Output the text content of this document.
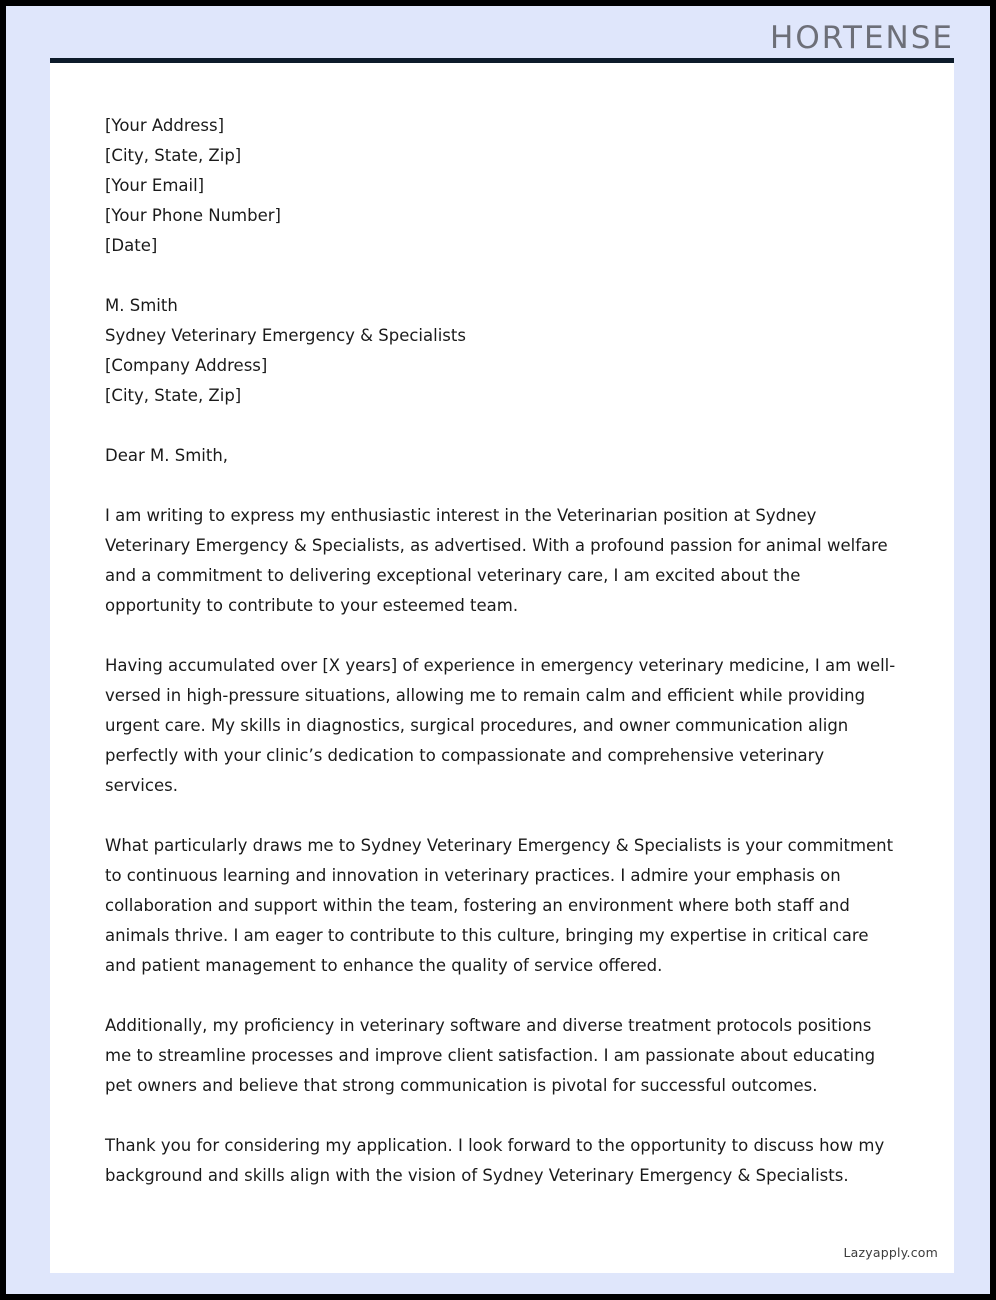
HORTENSE
[Your Address]
[City, State, Zip]
[Your Email]
[Your Phone Number]
[Date]
M. Smith
Sydney Veterinary Emergency & Specialists
[Company Address]
[City, State, Zip]
Dear M. Smith,

I am writing to express my enthusiastic interest in the Veterinarian position at Sydney Veterinary Emergency & Specialists, as advertised. With a profound passion for animal welfare and a commitment to delivering exceptional veterinary care, I am excited about the opportunity to contribute to your esteemed team.

Having accumulated over [X years] of experience in emergency veterinary medicine, I am well-versed in high-pressure situations, allowing me to remain calm and efficient while providing urgent care. My skills in diagnostics, surgical procedures, and owner communication align perfectly with your clinic’s dedication to compassionate and comprehensive veterinary services.

What particularly draws me to Sydney Veterinary Emergency & Specialists is your commitment to continuous learning and innovation in veterinary practices. I admire your emphasis on collaboration and support within the team, fostering an environment where both staff and animals thrive. I am eager to contribute to this culture, bringing my expertise in critical care and patient management to enhance the quality of service offered.

Additionally, my proficiency in veterinary software and diverse treatment protocols positions me to streamline processes and improve client satisfaction. I am passionate about educating pet owners and believe that strong communication is pivotal for successful outcomes.

Thank you for considering my application. I look forward to the opportunity to discuss how my background and skills align with the vision of Sydney Veterinary Emergency & Specialists.

Lazyapply.com
